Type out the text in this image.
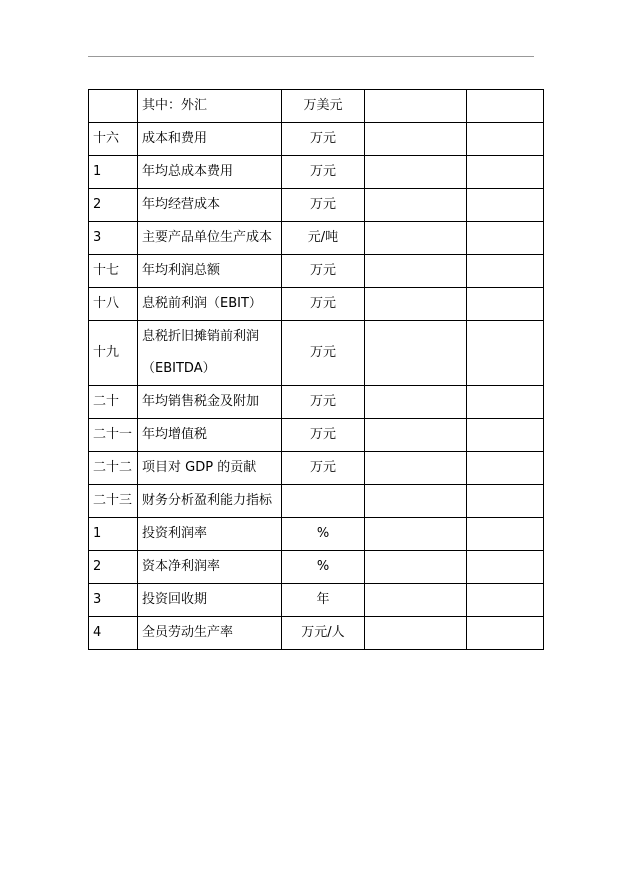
	其中：外汇	万美元		
十六	成本和费用	万元		
1	年均总成本费用	万元		
2	年均经营成本	万元		
3	主要产品单位生产成本	元/吨		
十七	年均利润总额	万元		
十八	息税前利润（EBIT）	万元		
十九	息税折旧摊销前利润（EBITDA）	万元		
二十	年均销售税金及附加	万元		
二十一	年均增值税	万元		
二十二	项目对 GDP 的贡献	万元		
二十三	财务分析盈利能力指标			
1	投资利润率	%		
2	资本净利润率	%		
3	投资回收期	年		
4	全员劳动生产率	万元/人		
